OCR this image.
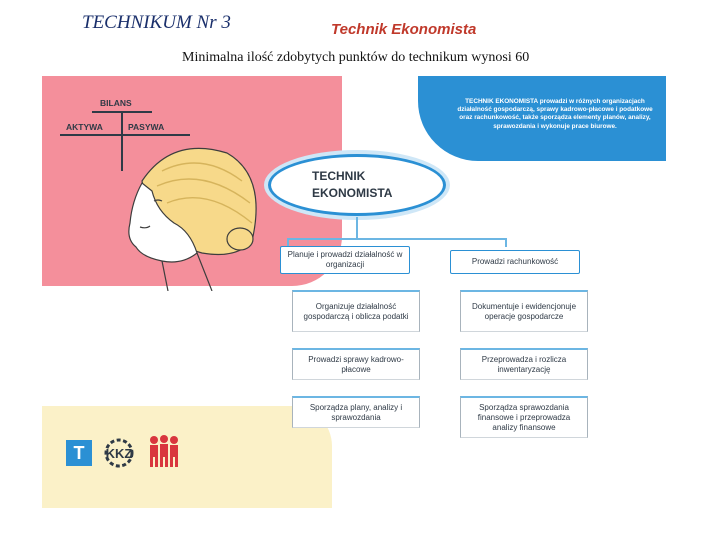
TECHNIKUM Nr 3	Technik Ekonomista
Minimalna ilość zdobytych punktów do technikum wynosi 60
TECHNIK EKONOMISTA prowadzi w różnych organizacjach działalność gospodarczą, sprawy kadrowo-płacowe i podatkowe oraz rachunkowość, także sporządza elementy planów, analizy, sprawozdania i wykonuje prace biurowe.
BILANS
AKTYWA	PASYWA
TECHNIK EKONOMISTA
Planuje i prowadzi działalność w organizacji	Prowadzi rachunkowość
Organizuje działalność gospodarczą i oblicza podatki
Prowadzi sprawy kadrowo-płacowe
Sporządza plany, analizy i sprawozdania
Dokumentuje i ewidencjonuje operacje gospodarcze
Przeprowadza i rozlicza inwentaryzację
Sporządza sprawozdania finansowe i przeprowadza analizy finansowe
T	KKZ
